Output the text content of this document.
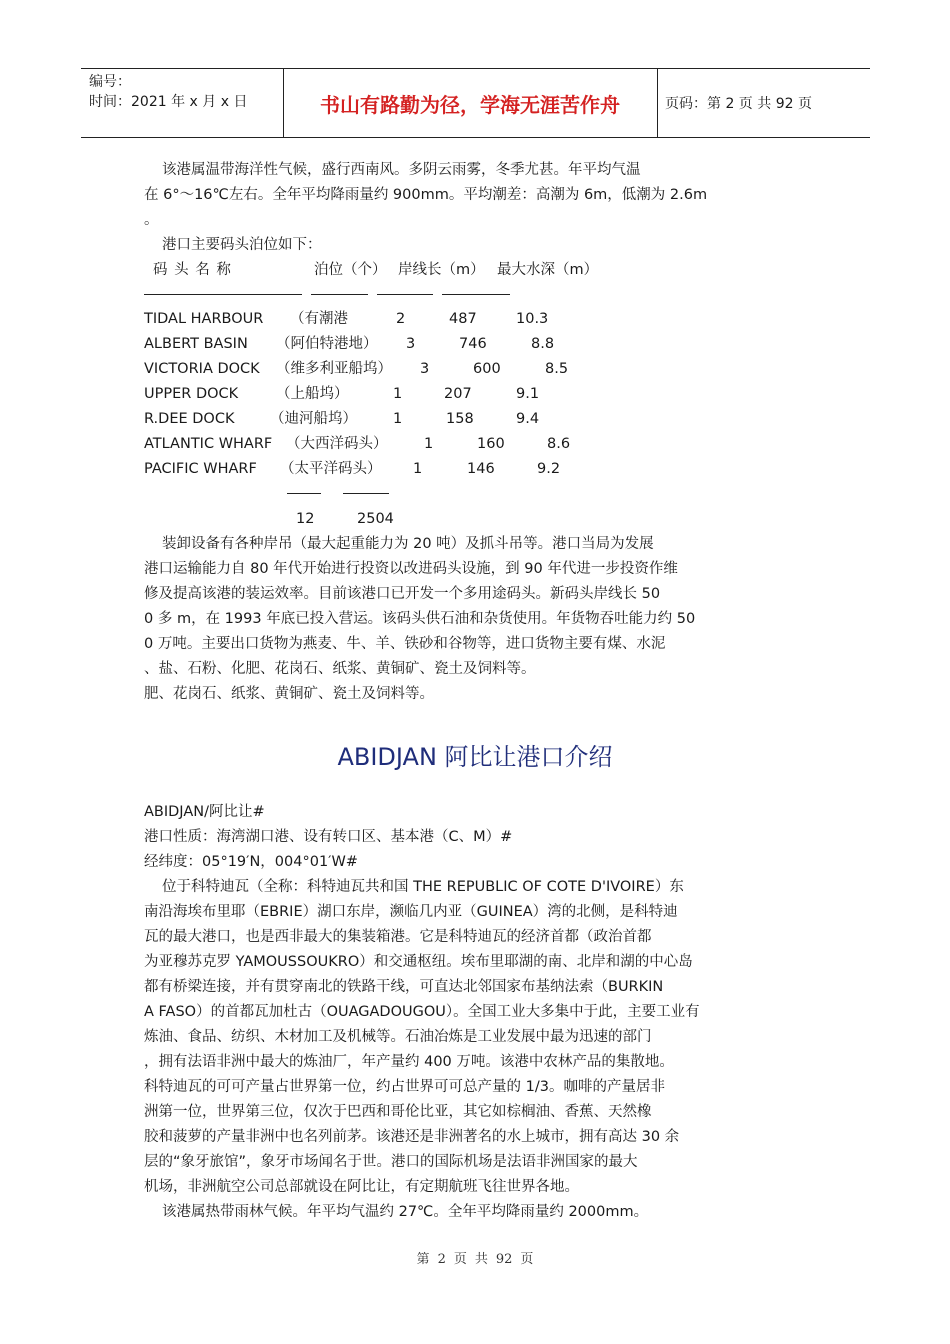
编号：
时间：2021 年 x 月 x 日	书山有路勤为径，学海无涯苦作舟	页码：第 2 页 共 92 页
该港属温带海洋性气候，盛行西南风。多阴云雨雾，冬季尤甚。年平均气温
在 6°～16℃左右。全年平均降雨量约 900mm。平均潮差：高潮为 6m，低潮为 2.6m
。
港口主要码头泊位如下：
码 头 名 称	泊位（个） 岸线长（m） 最大水深（m）
TIDAL HARBOUR （有潮港	2	487	10.3
ALBERT BASIN （阿伯特港地） 3	746	8.8
VICTORIA DOCK （维多利亚船坞） 3	600	8.5
UPPER DOCK	（上船坞）	1	207	9.1
R.DEE DOCK （迪河船坞） 1	158	9.4
ATLANTIC WHARF （大西洋码头）	1	160	8.6
PACIFIC WHARF （太平洋码头） 1	146	9.2
12	2504
装卸设备有各种岸吊（最大起重能力为 20 吨）及抓斗吊等。港口当局为发展
港口运输能力自 80 年代开始进行投资以改进码头设施，到 90 年代进一步投资作维
修及提高该港的装运效率。目前该港口已开发一个多用途码头。新码头岸线长 50
0 多 m，在 1993 年底已投入营运。该码头供石油和杂货使用。年货物吞吐能力约 50
0 万吨。主要出口货物为燕麦、牛、羊、铁砂和谷物等，进口货物主要有煤、水泥
、盐、石粉、化肥、花岗石、纸浆、黄铜矿、瓷土及饲料等。
肥、花岗石、纸浆、黄铜矿、瓷土及饲料等。
ABIDJAN 阿比让港口介绍
ABIDJAN/阿比让#
港口性质：海湾湖口港、设有转口区、基本港（C、M）#
经纬度：05°19′N，004°01′W#
位于科特迪瓦（全称：科特迪瓦共和国 THE REPUBLIC OF COTE D'IVOIRE）东
南沿海埃布里耶（EBRIE）湖口东岸，濒临几内亚（GUINEA）湾的北侧，是科特迪
瓦的最大港口，也是西非最大的集装箱港。它是科特迪瓦的经济首都（政治首都
为亚穆苏克罗 YAMOUSSOUKRO）和交通枢纽。埃布里耶湖的南、北岸和湖的中心岛
都有桥梁连接，并有贯穿南北的铁路干线，可直达北邻国家布基纳法索（BURKIN
A FASO）的首都瓦加杜古（OUAGADOUGOU）。全国工业大多集中于此，主要工业有
炼油、食品、纺织、木材加工及机械等。石油冶炼是工业发展中最为迅速的部门
，拥有法语非洲中最大的炼油厂，年产量约 400 万吨。该港中农林产品的集散地。
科特迪瓦的可可产量占世界第一位，约占世界可可总产量的 1/3。咖啡的产量居非
洲第一位，世界第三位，仅次于巴西和哥伦比亚，其它如棕榈油、香蕉、天然橡
胶和菠萝的产量非洲中也名列前茅。该港还是非洲著名的水上城市，拥有高达 30 余
层的“象牙旅馆”，象牙市场闻名于世。港口的国际机场是法语非洲国家的最大
机场，非洲航空公司总部就设在阿比让，有定期航班飞往世界各地。
该港属热带雨林气候。年平均气温约 27℃。全年平均降雨量约 2000mm。
第 2 页 共 92 页
